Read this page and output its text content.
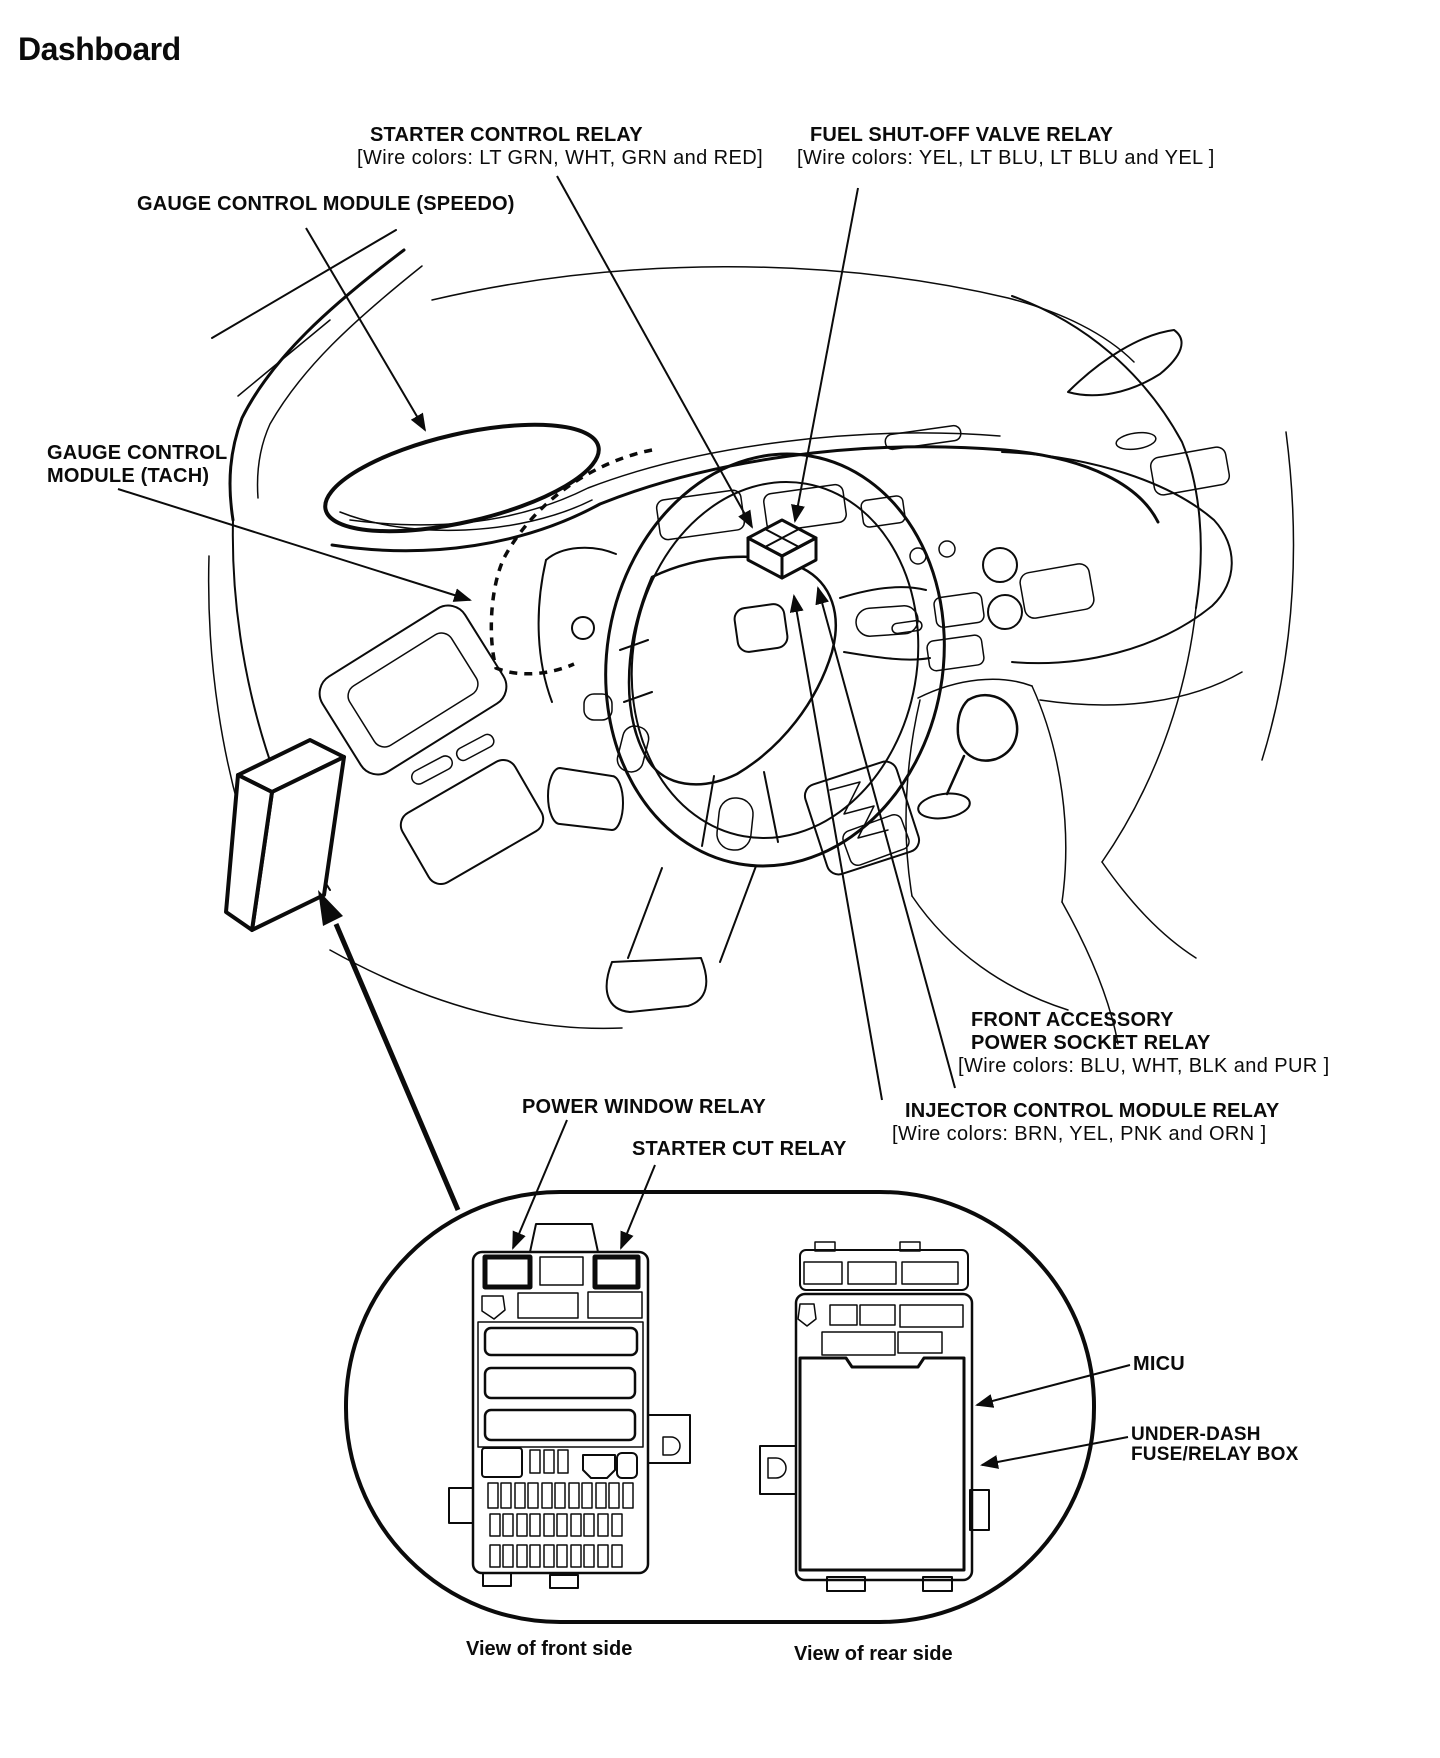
Dashboard
STARTER CONTROL RELAY
[Wire colors: LT GRN, WHT, GRN and RED]
FUEL SHUT-OFF VALVE RELAY
[Wire colors: YEL, LT BLU, LT BLU and YEL ]
GAUGE CONTROL MODULE (SPEEDO)
GAUGE CONTROL
MODULE (TACH)
FRONT ACCESSORY
POWER SOCKET RELAY
[Wire colors: BLU, WHT, BLK and PUR ]
INJECTOR CONTROL MODULE RELAY
[Wire colors: BRN, YEL, PNK and ORN ]
POWER WINDOW RELAY
STARTER CUT RELAY
MICU
UNDER-DASH
FUSE/RELAY BOX
View of front side	View of rear side
